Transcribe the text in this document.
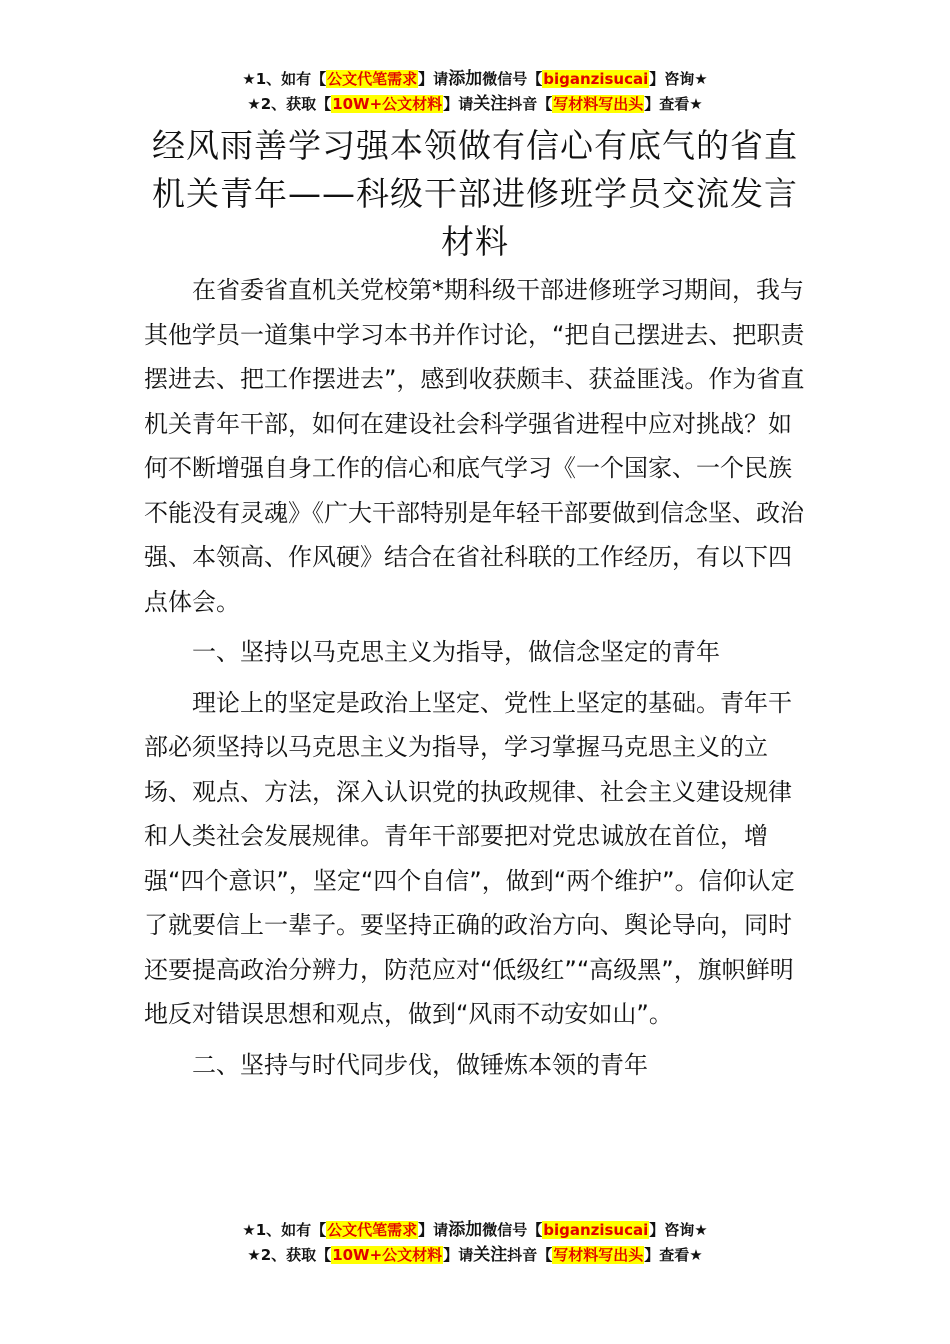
★1、如有【公文代笔需求】请添加微信号【biganzisucai】咨询★
★2、获取【10W+公文材料】请关注抖音【写材料写出头】查看★
经风雨善学习强本领做有信心有底气的省直机关青年——科级干部进修班学员交流发言材料

在省委省直机关党校第*期科级干部进修班学习期间，我与其他学员一道集中学习本书并作讨论，“把自己摆进去、把职责摆进去、把工作摆进去”，感到收获颇丰、获益匪浅。作为省直机关青年干部，如何在建设社会科学强省进程中应对挑战？如何不断增强自身工作的信心和底气学习《一个国家、一个民族不能没有灵魂》《广大干部特别是年轻干部要做到信念坚、政治强、本领高、作风硬》结合在省社科联的工作经历，有以下四点体会。

一、坚持以马克思主义为指导，做信念坚定的青年

理论上的坚定是政治上坚定、党性上坚定的基础。青年干部必须坚持以马克思主义为指导，学习掌握马克思主义的立场、观点、方法，深入认识党的执政规律、社会主义建设规律和人类社会发展规律。青年干部要把对党忠诚放在首位，增强“四个意识”，坚定“四个自信”，做到“两个维护”。信仰认定了就要信上一辈子。要坚持正确的政治方向、舆论导向，同时还要提高政治分辨力，防范应对“低级红”“高级黑”，旗帜鲜明地反对错误思想和观点，做到“风雨不动安如山”。

二、坚持与时代同步伐，做锤炼本领的青年

★1、如有【公文代笔需求】请添加微信号【biganzisucai】咨询★
★2、获取【10W+公文材料】请关注抖音【写材料写出头】查看★
